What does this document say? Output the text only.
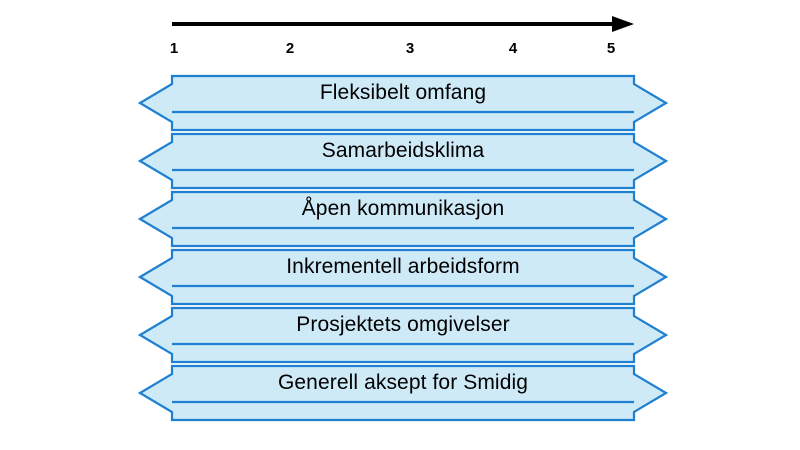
1	2	3	4	5
Fleksibelt omfang
Samarbeidsklima
Åpen kommunikasjon
Inkrementell arbeidsform
Prosjektets omgivelser
Generell aksept for Smidig
